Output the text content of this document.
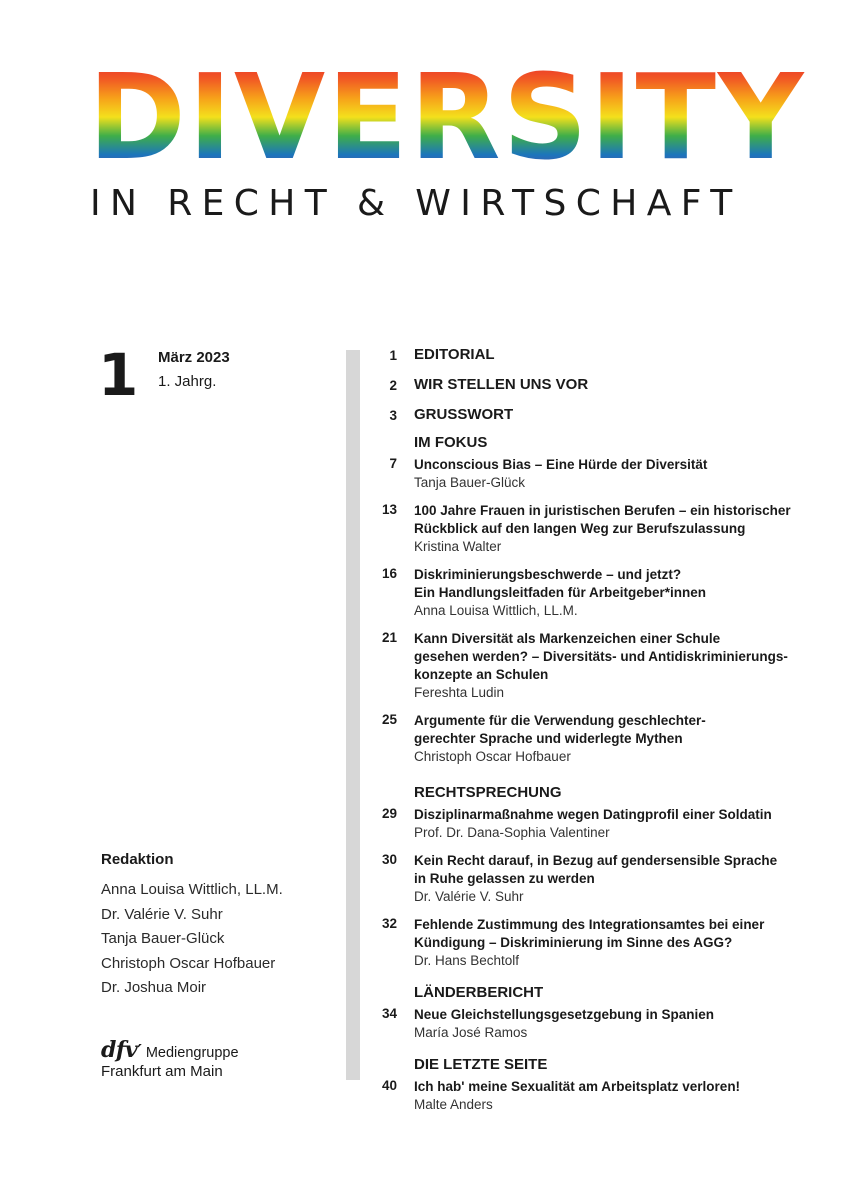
DIVERSITY
IN RECHT & WIRTSCHAFT
1 März 2023
1. Jahrg.
1 EDITORIAL
2 WIR STELLEN UNS VOR
3 GRUSSWORT
IM FOKUS
7 Unconscious Bias – Eine Hürde der Diversität
Tanja Bauer-Glück
13 100 Jahre Frauen in juristischen Berufen – ein historischer
Rückblick auf den langen Weg zur Berufszulassung
Kristina Walter
16 Diskriminierungsbeschwerde – und jetzt?
Ein Handlungsleitfaden für Arbeitgeber*innen
Anna Louisa Wittlich, LL.M.
21 Kann Diversität als Markenzeichen einer Schule
gesehen werden? – Diversitäts- und Antidiskriminierungs-
konzepte an Schulen
Fereshta Ludin
25 Argumente für die Verwendung geschlechter-
gerechter Sprache und widerlegte Mythen
Christoph Oscar Hofbauer
RECHTSPRECHUNG
29 Disziplinarmaßnahme wegen Datingprofil einer Soldatin
Prof. Dr. Dana-Sophia Valentiner
30 Kein Recht darauf, in Bezug auf gendersensible Sprache
in Ruhe gelassen zu werden
Dr. Valérie V. Suhr
32 Fehlende Zustimmung des Integrationsamtes bei einer
Kündigung – Diskriminierung im Sinne des AGG?
Dr. Hans Bechtolf
LÄNDERBERICHT
34 Neue Gleichstellungsgesetzgebung in Spanien
María José Ramos
DIE LETZTE SEITE
40 Ich hab' meine Sexualität am Arbeitsplatz verloren!
Malte Anders
Redaktion
Anna Louisa Wittlich, LL.M.
Dr. Valérie V. Suhr
Tanja Bauer-Glück
Christoph Oscar Hofbauer
Dr. Joshua Moir
dfv′ Mediengruppe
Frankfurt am Main
